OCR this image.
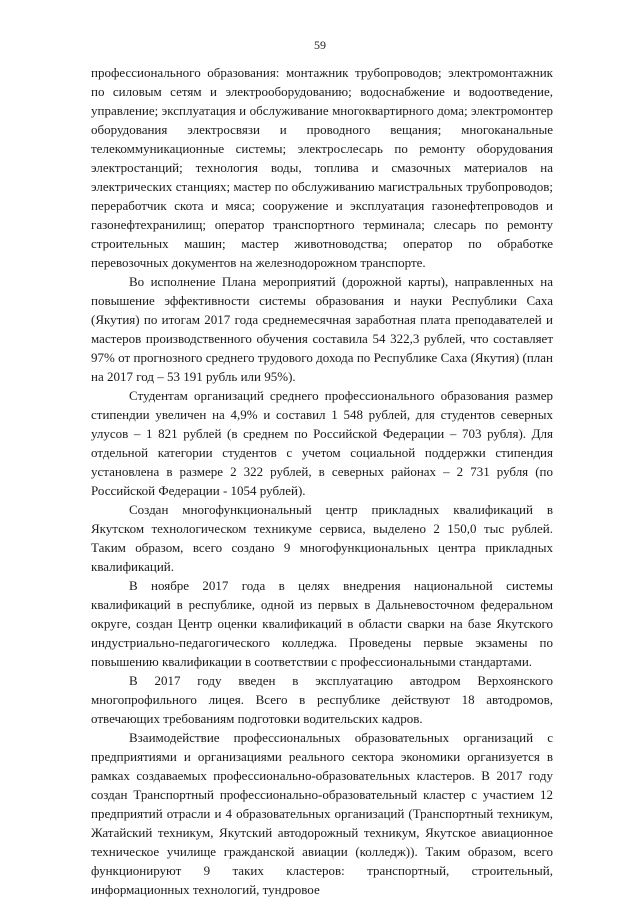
59

профессионального образования: монтажник трубопроводов; электромонтажник по силовым сетям и электрооборудованию; водоснабжение и водоотведение, управление; эксплуатация и обслуживание многоквартирного дома; электромонтер оборудования электросвязи и проводного вещания; многоканальные телекоммуникационные системы; электрослесарь по ремонту оборудования электростанций; технология воды, топлива и смазочных материалов на электрических станциях; мастер по обслуживанию магистральных трубопроводов; переработчик скота и мяса; сооружение и эксплуатация газонефтепроводов и газонефтехранилищ; оператор транспортного терминала; слесарь по ремонту строительных машин; мастер животноводства; оператор по обработке перевозочных документов на железнодорожном транспорте.

Во исполнение Плана мероприятий (дорожной карты), направленных на повышение эффективности системы образования и науки Республики Саха (Якутия) по итогам 2017 года среднемесячная заработная плата преподавателей и мастеров производственного обучения составила 54 322,3 рублей, что составляет 97% от прогнозного среднего трудового дохода по Республике Саха (Якутия) (план на 2017 год – 53 191 рубль или 95%).

Студентам организаций среднего профессионального образования размер стипендии увеличен на 4,9% и составил 1 548 рублей, для студентов северных улусов – 1 821 рублей (в среднем по Российской Федерации – 703 рубля). Для отдельной категории студентов с учетом социальной поддержки стипендия установлена в размере 2 322 рублей, в северных районах – 2 731 рубля (по Российской Федерации - 1054 рублей).

Создан многофункциональный центр прикладных квалификаций в Якутском технологическом техникуме сервиса, выделено 2 150,0 тыс рублей. Таким образом, всего создано 9 многофункциональных центра прикладных квалификаций.

В ноябре 2017 года в целях внедрения национальной системы квалификаций в республике, одной из первых в Дальневосточном федеральном округе, создан Центр оценки квалификаций в области сварки на базе Якутского индустриально-педагогического колледжа. Проведены первые экзамены по повышению квалификации в соответствии с профессиональными стандартами.

В 2017 году введен в эксплуатацию автодром Верхоянского многопрофильного лицея. Всего в республике действуют 18 автодромов, отвечающих требованиям подготовки водительских кадров.

Взаимодействие профессиональных образовательных организаций с предприятиями и организациями реального сектора экономики организуется в рамках создаваемых профессионально-образовательных кластеров. В 2017 году создан Транспортный профессионально-образовательный кластер с участием 12 предприятий отрасли и 4 образовательных организаций (Транспортный техникум, Жатайский техникум, Якутский автодорожный техникум, Якутское авиационное техническое училище гражданской авиации (колледж)). Таким образом, всего функционируют 9 таких кластеров: транспортный, строительный, информационных технологий, тундровое
